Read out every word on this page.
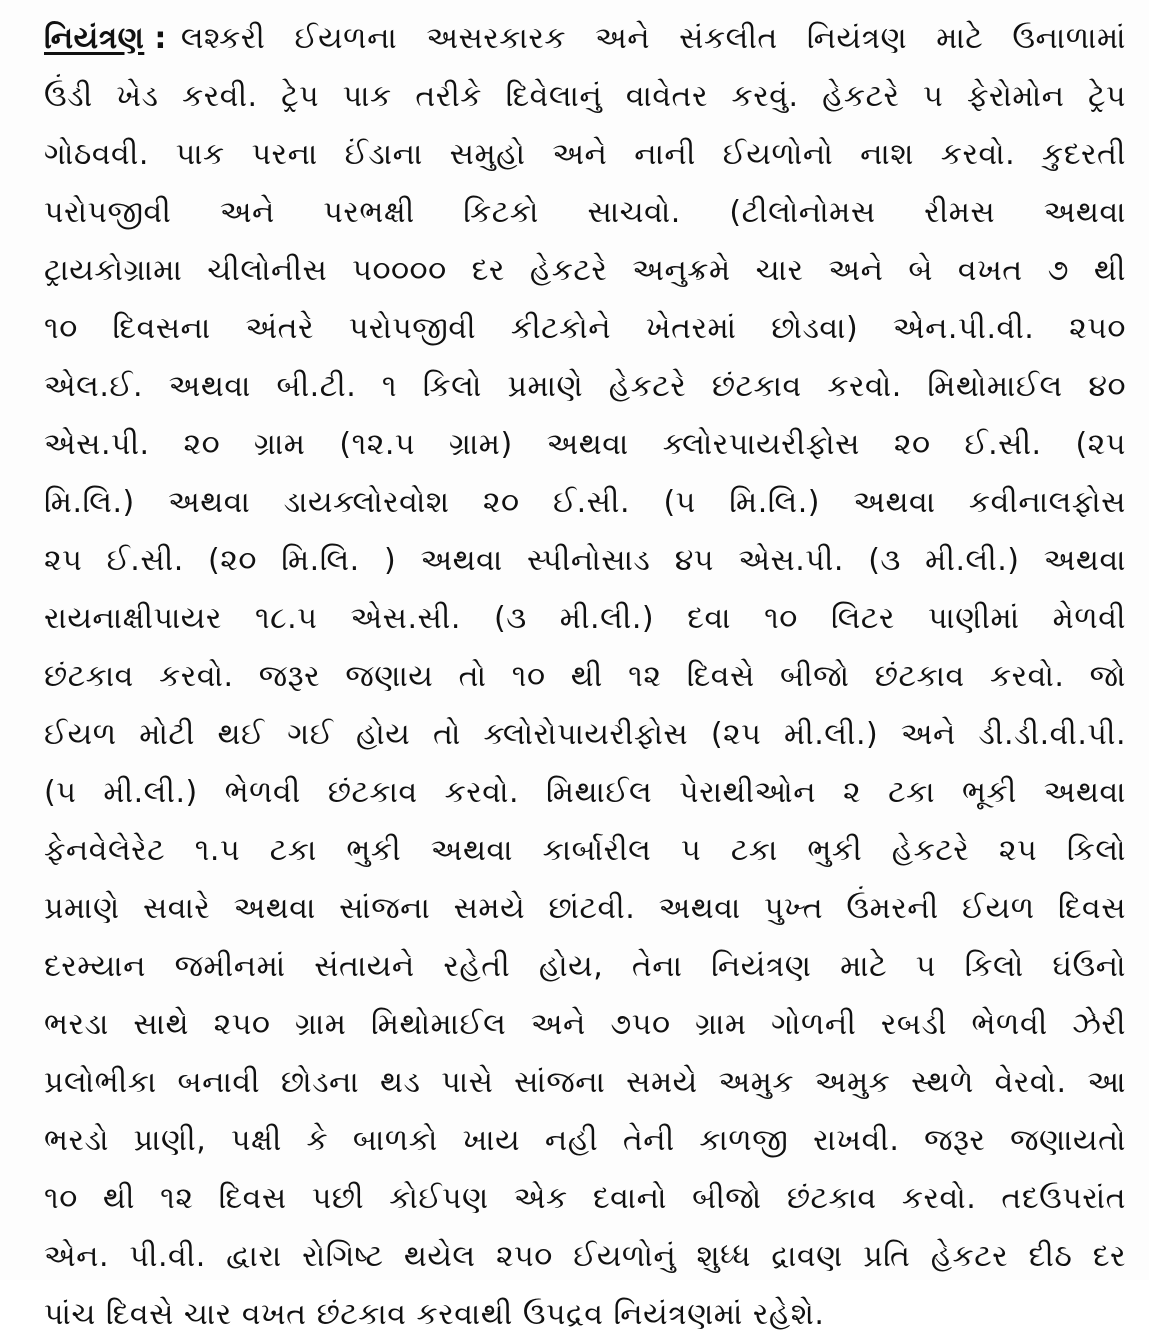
નિયંત્રણ : લશ્કરી ઈયળના અસરકારક અને સંકલીત નિયંત્રણ માટે ઉનાળામાં
ઉંડી ખેડ કરવી. ટ્રેપ પાક તરીકે દિવેલાનું વાવેતર કરવું. હેકટરે ૫ ફેરોમોન ટ્રેપ
ગોઠવવી. પાક પરના ઈંડાના સમુહો અને નાની ઈયળોનો નાશ કરવો. કુદરતી
પરોપજીવી અને પરભક્ષી કિટકો સાચવો. (ટીલોનોમસ રીમસ અથવા
ટ્રાયકોગ્રામા ચીલોનીસ ૫૦૦૦૦ દર હેકટરે અનુક્રમે ચાર અને બે વખત ૭ થી
૧૦ દિવસના અંતરે પરોપજીવી કીટકોને ખેતરમાં છોડવા) એન.પી.વી. ૨૫૦
એલ.ઈ. અથવા બી.ટી. ૧ કિલો પ્રમાણે હેકટરે છંટકાવ કરવો. મિથોમાઈલ ૪૦
એસ.પી. ૨૦ ગ્રામ (૧૨.૫ ગ્રામ) અથવા ક્લોરપાયરીફોસ ૨૦ ઈ.સી. (૨૫
મિ.લિ.) અથવા ડાયક્લોરવોશ ૨૦ ઈ.સી. (૫ મિ.લિ.) અથવા કવીનાલફોસ
૨૫ ઈ.સી. (૨૦ મિ.લિ. ) અથવા સ્પીનોસાડ ૪૫ એસ.પી. (૩ મી.લી.) અથવા
રાયનાક્ષીપાયર ૧૮.૫ એસ.સી. (૩ મી.લી.) દવા ૧૦ લિટર પાણીમાં મેળવી
છંટકાવ કરવો. જરૂર જણાય તો ૧૦ થી ૧૨ દિવસે બીજો છંટકાવ કરવો. જો
ઈયળ મોટી થઈ ગઈ હોય તો ક્લોરોપાયરીફોસ (૨૫ મી.લી.) અને ડી.ડી.વી.પી.
(૫ મી.લી.) ભેળવી છંટકાવ કરવો. મિથાઈલ પેરાથીઓન ૨ ટકા ભૂકી અથવા
ફેનવેલેરેટ ૧.૫ ટકા ભુકી અથવા કાર્બારીલ ૫ ટકા ભુકી હેકટરે ૨૫ કિલો
પ્રમાણે સવારે અથવા સાંજના સમયે છાંટવી. અથવા પુખ્ત ઉંમરની ઈયળ દિવસ
દરમ્યાન જમીનમાં સંતાયને રહેતી હોય, તેના નિયંત્રણ માટે ૫ કિલો ઘંઉનો
ભરડા સાથે ૨૫૦ ગ્રામ મિથોમાઈલ અને ૭૫૦ ગ્રામ ગોળની રબડી ભેળવી ઝેરી
પ્રલોભીકા બનાવી છોડના થડ પાસે સાંજના સમયે અમુક અમુક સ્થળે વેરવો. આ
ભરડો પ્રાણી, પક્ષી કે બાળકો ખાય નહી તેની કાળજી રાખવી. જરૂર જણાયતો
૧૦ થી ૧૨ દિવસ પછી કોઈપણ એક દવાનો બીજો છંટકાવ કરવો. તદઉપરાંત
એન. પી.વી. દ્વારા રોગિષ્ટ થયેલ ૨૫૦ ઈયળોનું શુધ્ધ દ્રાવણ પ્રતિ હેકટર દીઠ દર
પાંચ દિવસે ચાર વખત છંટકાવ કરવાથી ઉપદ્રવ નિયંત્રણમાં રહેશે.
